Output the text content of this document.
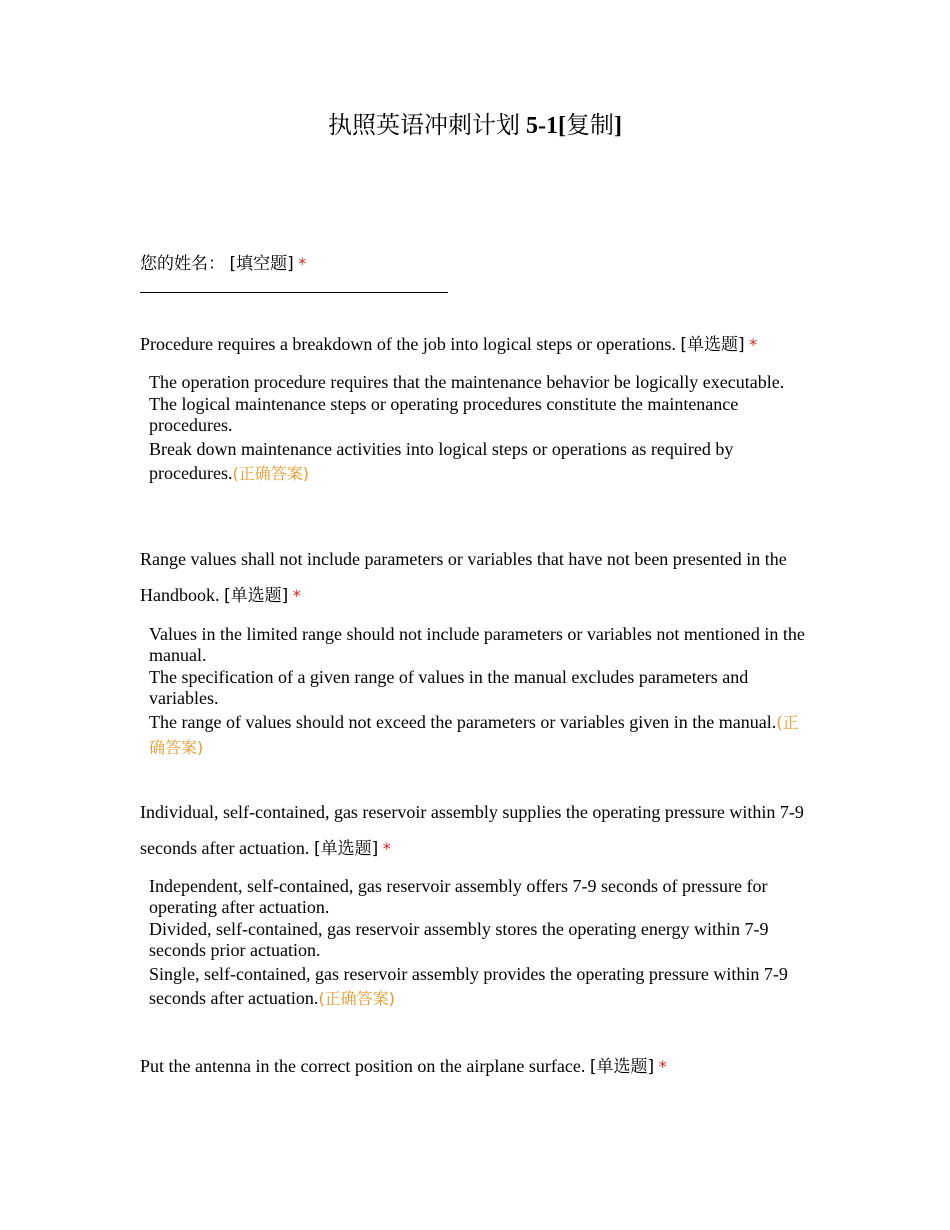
执照英语冲刺计划 5-1[复制]
您的姓名： [填空题] *
Procedure requires a breakdown of the job into logical steps or operations. [单选题] *
The operation procedure requires that the maintenance behavior be logically executable.
The logical maintenance steps or operating procedures constitute the maintenance procedures.
Break down maintenance activities into logical steps or operations as required by procedures.(正确答案)
Range values shall not include parameters or variables that have not been presented in the Handbook. [单选题] *
Values in the limited range should not include parameters or variables not mentioned in the manual.
The specification of a given range of values in the manual excludes parameters and variables.
The range of values should not exceed the parameters or variables given in the manual.(正确答案)
Individual, self-contained, gas reservoir assembly supplies the operating pressure within 7-9 seconds after actuation. [单选题] *
Independent, self-contained, gas reservoir assembly offers 7-9 seconds of pressure for operating after actuation.
Divided, self-contained, gas reservoir assembly stores the operating energy within 7-9 seconds prior actuation.
Single, self-contained, gas reservoir assembly provides the operating pressure within 7-9 seconds after actuation.(正确答案)
Put the antenna in the correct position on the airplane surface. [单选题] *
